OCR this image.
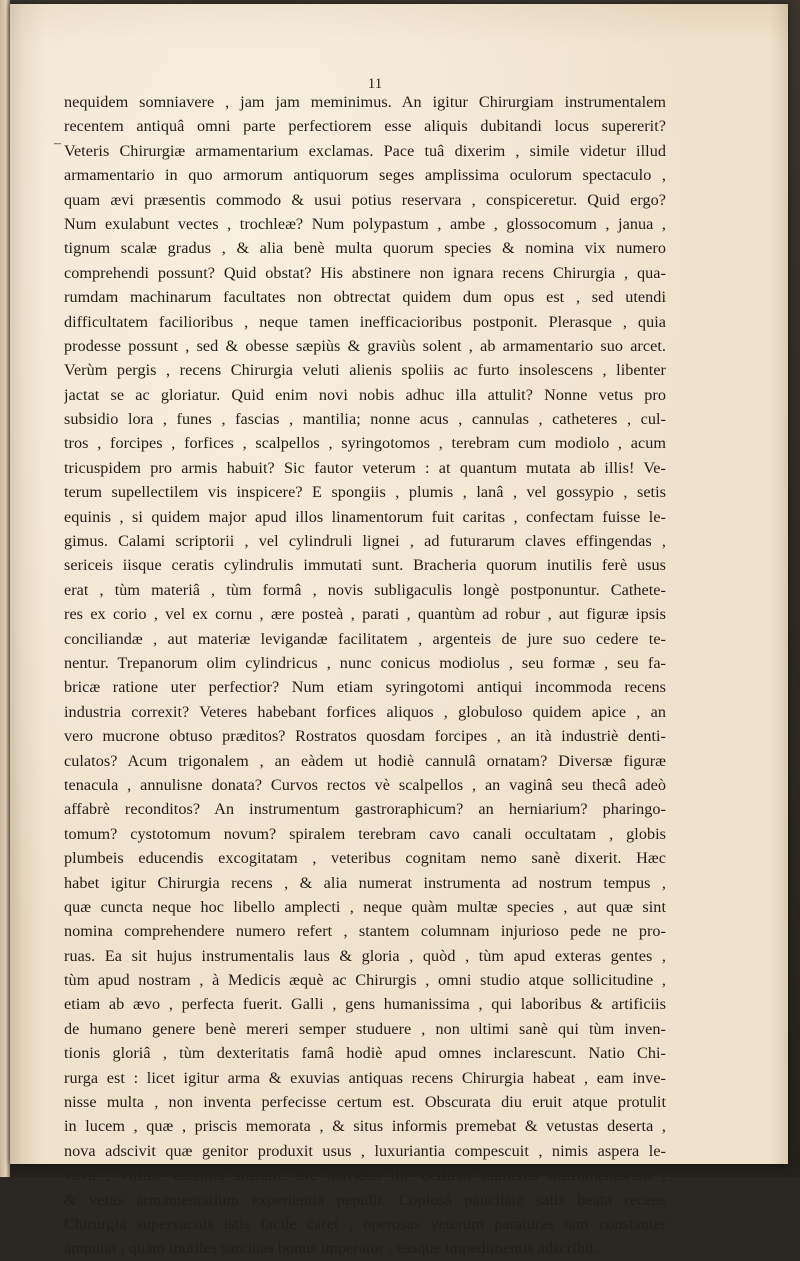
11
–
nequidem somniavere , jam jam meminimus. An igitur Chirurgiam instrumentalem
recentem antiquâ omni parte perfectiorem esse aliquis dubitandi locus supererit?
Veteris Chirurgiæ armamentarium exclamas. Pace tuâ dixerim , simile videtur illud
armamentario in quo armorum antiquorum seges amplissima oculorum spectaculo ,
quam ævi præsentis commodo & usui potius reservara , conspiceretur. Quid ergo?
Num exulabunt vectes , trochleæ? Num polypastum , ambe , glossocomum , janua ,
tignum scalæ gradus , & alia benè multa quorum species & nomina vix numero
comprehendi possunt? Quid obstat? His abstinere non ignara recens Chirurgia , qua-
rumdam machinarum facultates non obtrectat quidem dum opus est , sed utendi
difficultatem facilioribus , neque tamen inefficacioribus postponit. Plerasque , quia
prodesse possunt , sed & obesse sæpiùs & graviùs solent , ab armamentario suo arcet.
Verùm pergis , recens Chirurgia veluti alienis spoliis ac furto insolescens , libenter
jactat se ac gloriatur. Quid enim novi nobis adhuc illa attulit? Nonne vetus pro
subsidio lora , funes , fascias , mantilia; nonne acus , cannulas , catheteres , cul-
tros , forcipes , forfices , scalpellos , syringotomos , terebram cum modiolo , acum
tricuspidem pro armis habuit? Sic fautor veterum : at quantum mutata ab illis! Ve-
terum supellectilem vis inspicere? E spongiis , plumis , lanâ , vel gossypio , setis
equinis , si quidem major apud illos linamentorum fuit caritas , confectam fuisse le-
gimus. Calami scriptorii , vel cylindruli lignei , ad futurarum claves effingendas ,
sericeis iisque ceratis cylindrulis immutati sunt. Bracheria quorum inutilis ferè usus
erat , tùm materiâ , tùm formâ , novis subligaculis longè postponuntur. Cathete-
res ex corio , vel ex cornu , ære posteà , parati , quantùm ad robur , aut figuræ ipsis
conciliandæ , aut materiæ levigandæ facilitatem , argenteis de jure suo cedere te-
nentur. Trepanorum olim cylindricus , nunc conicus modiolus , seu formæ , seu fa-
bricæ ratione uter perfectior? Num etiam syringotomi antiqui incommoda recens
industria correxit? Veteres habebant forfices aliquos , globuloso quidem apice , an
vero mucrone obtuso præditos? Rostratos quosdam forcipes , an ità industriè denti-
culatos? Acum trigonalem , an eàdem ut hodiè cannulâ ornatam? Diversæ figuræ
tenacula , annulisne donata? Curvos rectos vè scalpellos , an vaginâ seu thecâ adeò
affabrè reconditos? An instrumentum gastroraphicum? an herniarium? pharingo-
tomum? cystotomum novum? spiralem terebram cavo canali occultatam , globis
plumbeis educendis excogitatam , veteribus cognitam nemo sanè dixerit. Hæc
habet igitur Chirurgia recens , & alia numerat instrumenta ad nostrum tempus ,
quæ cuncta neque hoc libello amplecti , neque quàm multæ species , aut quæ sint
nomina comprehendere numero refert , stantem columnam injurioso pede ne pro-
ruas. Ea sit hujus instrumentalis laus & gloria , quòd , tùm apud exteras gentes ,
tùm apud nostram , à Medicis æquè ac Chirurgis , omni studio atque sollicitudine ,
etiam ab ævo , perfecta fuerit. Galli , gens humanissima , qui laboribus & artificiis
de humano genere benè mereri semper studuere , non ultimi sanè qui tùm inven-
tionis gloriâ , tùm dexteritatis famâ hodiè apud omnes inclarescunt. Natio Chi-
rurga est : licet igitur arma & exuvias antiquas recens Chirurgia habeat , eam inve-
nisse multa , non inventa perfecisse certum est. Obscurata diu eruit atque protulit
in lucem , quæ , priscis memorata , & situs informis premebat & vetustas deserta ,
nova adscivit quæ genitor produxit usus , luxuriantia compescuit , nimis aspera le-
vavit , virtute carentia sustulit. Sic horridus ille defluxit numerus instrumentorum ,
& vetus armamentarium experientia pepulit. Copiosâ paucitate satis beata recens
Chirurgia supervacuis istis facile caret , operosas veterum paraturas tam constanter
amputat , quàm inutiles sarcinas bonus imperator , easque impedimentis adscribit.
